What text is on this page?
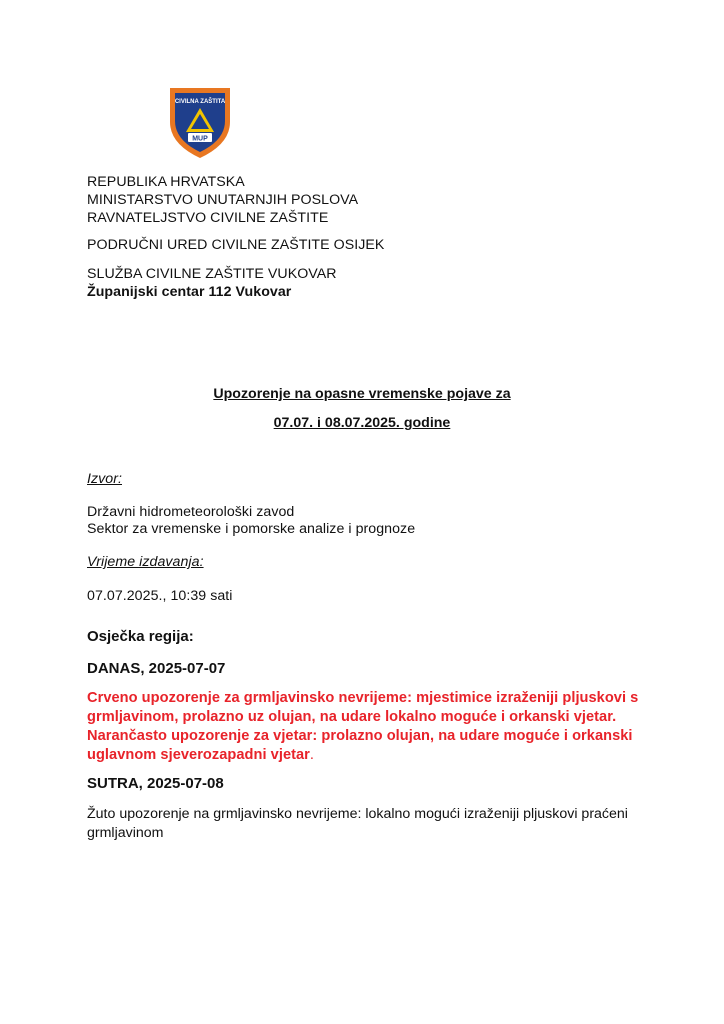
CIVILNA ZAŠTITA
MUP
REPUBLIKA HRVATSKA
MINISTARSTVO UNUTARNJIH POSLOVA
RAVNATELJSTVO CIVILNE ZAŠTITE
PODRUČNI URED CIVILNE ZAŠTITE OSIJEK
SLUŽBA CIVILNE ZAŠTITE VUKOVAR
Županijski centar 112 Vukovar
Upozorenje na opasne vremenske pojave za
07.07. i 08.07.2025. godine
Izvor:
Državni hidrometeorološki zavod
Sektor za vremenske i pomorske analize i prognoze
Vrijeme izdavanja:
07.07.2025., 10:39 sati
Osječka regija:
DANAS, 2025-07-07
Crveno upozorenje za grmljavinsko nevrijeme: mjestimice izraženiji pljuskovi s grmljavinom, prolazno uz olujan, na udare lokalno moguće i orkanski vjetar. Narančasto upozorenje za vjetar: prolazno olujan, na udare moguće i orkanski uglavnom sjeverozapadni vjetar.
SUTRA, 2025-07-08
Žuto upozorenje na grmljavinsko nevrijeme: lokalno mogući izraženiji pljuskovi praćeni grmljavinom
